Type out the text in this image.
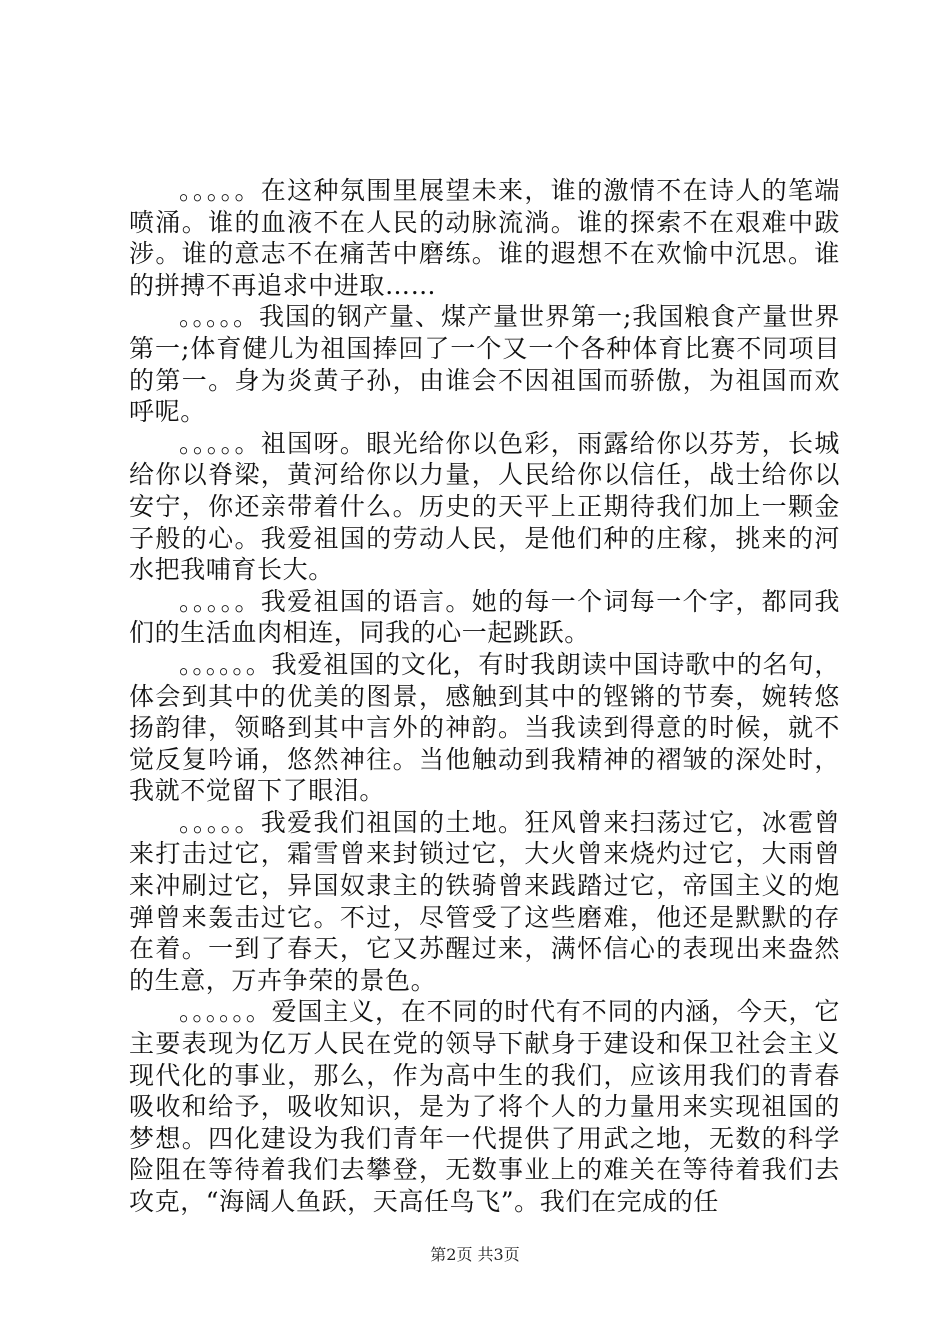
。。。。。在这种氛围里展望未来，谁的激情不在诗人的笔端喷涌。谁的血液不在人民的动脉流淌。谁的探索不在艰难中跋涉。谁的意志不在痛苦中磨练。谁的遐想不在欢愉中沉思。谁的拼搏不再追求中进取……

。。。。。我国的钢产量、煤产量世界第一;我国粮食产量世界第一;体育健儿为祖国捧回了一个又一个各种体育比赛不同项目的第一。身为炎黄子孙，由谁会不因祖国而骄傲，为祖国而欢呼呢。

。。。。。祖国呀。眼光给你以色彩，雨露给你以芬芳，长城给你以脊梁，黄河给你以力量，人民给你以信任，战士给你以安宁，你还亲带着什么。历史的天平上正期待我们加上一颗金子般的心。我爱祖国的劳动人民，是他们种的庄稼，挑来的河水把我哺育长大。

。。。。。我爱祖国的语言。她的每一个词每一个字，都同我们的生活血肉相连，同我的心一起跳跃。

。。。。。。我爱祖国的文化，有时我朗读中国诗歌中的名句，体会到其中的优美的图景，感触到其中的铿锵的节奏，婉转悠扬韵律，领略到其中言外的神韵。当我读到得意的时候，就不觉反复吟诵，悠然神往。当他触动到我精神的褶皱的深处时，我就不觉留下了眼泪。

。。。。。我爱我们祖国的土地。狂风曾来扫荡过它，冰雹曾来打击过它，霜雪曾来封锁过它，大火曾来烧灼过它，大雨曾来冲刷过它，异国奴隶主的铁骑曾来践踏过它，帝国主义的炮弹曾来轰击过它。不过，尽管受了这些磨难，他还是默默的存在着。一到了春天，它又苏醒过来，满怀信心的表现出来盎然的生意，万卉争荣的景色。

。。。。。。爱国主义，在不同的时代有不同的内涵，今天，它主要表现为亿万人民在党的领导下献身于建设和保卫社会主义现代化的事业，那么，作为高中生的我们，应该用我们的青春吸收和给予，吸收知识，是为了将个人的力量用来实现祖国的梦想。四化建设为我们青年一代提供了用武之地，无数的科学险阻在等待着我们去攀登，无数事业上的难关在等待着我们去攻克，“海阔人鱼跃，天高任鸟飞”。我们在完成的任

第2页 共3页
